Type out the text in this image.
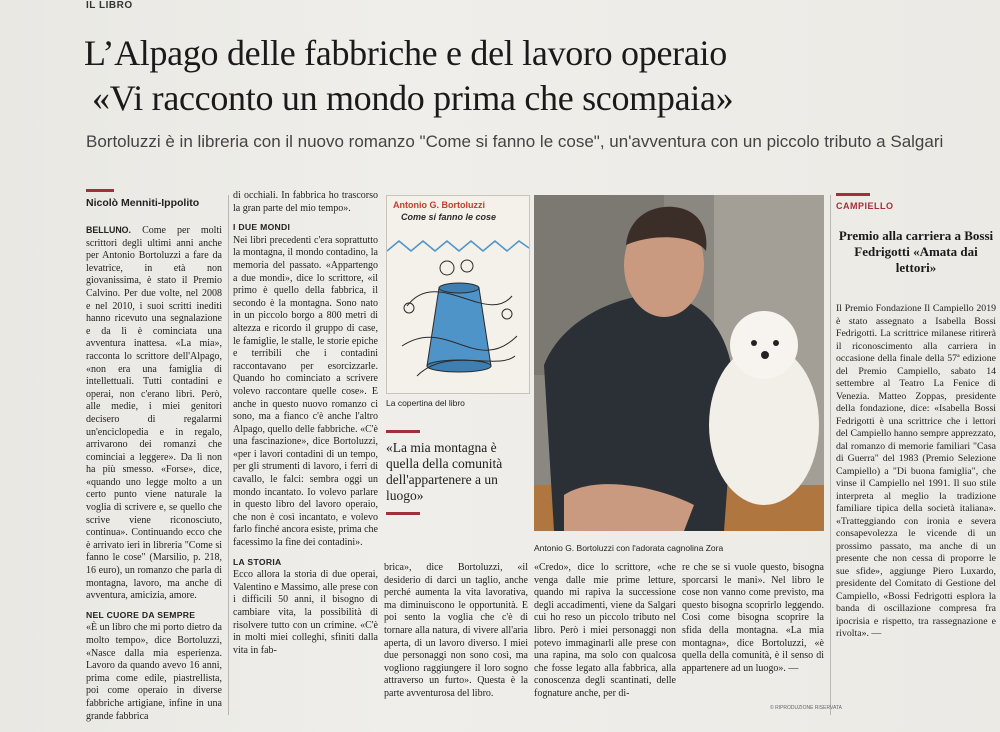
IL LIBRO
L’Alpago delle fabbriche e del lavoro operaio
«Vi racconto un mondo prima che scompaia»
Bortoluzzi è in libreria con il nuovo romanzo "Come si fanno le cose", un'avventura con un piccolo tributo a Salgari
Nicolò Menniti-Ippolito

BELLUNO. Come per molti scrittori degli ultimi anni anche per Antonio Bortoluzzi a fare da levatrice, in età non giovanissima, è stato il Premio Calvino. Per due volte, nel 2008 e nel 2010, i suoi scritti inediti hanno ricevuto una segnalazione e da lì è cominciata una avventura inattesa. «La mia», racconta lo scrittore dell'Alpago, «non era una famiglia di intellettuali. Tutti contadini e operai, non c'erano libri. Però, alle medie, i miei genitori decisero di regalarmi un'enciclopedia e in regalo, arrivarono dei romanzi che cominciai a leggere». Da lì non ha più smesso. «Forse», dice, «quando uno legge molto a un certo punto viene naturale la voglia di scrivere e, se quello che scrive viene riconosciuto, continua». Continuando ecco che è arrivato ieri in libreria "Come si fanno le cose" (Marsilio, p. 218, 16 euro), un romanzo che parla di montagna, lavoro, ma anche di avventura, amicizia, amore.

NEL CUORE DA SEMPRE

«È un libro che mi porto dietro da molto tempo», dice Bortoluzzi, «Nasce dalla mia esperienza. Lavoro da quando avevo 16 anni, prima come edile, piastrellista, poi come operaio in diverse fabbriche artigiane, infine in una grande fabbrica

di occhiali. In fabbrica ho trascorso la gran parte del mio tempo».

I DUE MONDI

Nei libri precedenti c'era soprattutto la montagna, il mondo contadino, la memoria del passato. «Appartengo a due mondi», dice lo scrittore, «il primo è quello della fabbrica, il secondo è la montagna. Sono nato in un piccolo borgo a 800 metri di altezza e ricordo il gruppo di case, le famiglie, le stalle, le storie epiche e terribili che i contadini raccontavano per esorcizzarle. Quando ho cominciato a scrivere volevo raccontare quelle cose». E anche in questo nuovo romanzo ci sono, ma a fianco c'è anche l'altro Alpago, quello delle fabbriche. «C'è una fascinazione», dice Bortoluzzi, «per i lavori contadini di un tempo, per gli strumenti di lavoro, i ferri di cavallo, le falci: sembra oggi un mondo incantato. Io volevo parlare in questo libro del lavoro operaio, che non è così incantato, e volevo farlo finché ancora esiste, prima che facessimo la fine dei contadini».

LA STORIA

Ecco allora la storia di due operai, Valentino e Massimo, alle prese con i difficili 50 anni, il bisogno di cambiare vita, la possibilità di risolvere tutto con un crimine. «C'è in molti miei colleghi, sfiniti dalla vita in fab-

Antonio G. Bortoluzzi
Come si fanno le cose
La copertina del libro
«La mia montagna è quella della comunità dell'appartenere a un luogo»
Antonio G. Bortoluzzi con l'adorata cagnolina Zora

brica», dice Bortoluzzi, «il desiderio di darci un taglio, anche perché aumenta la vita lavorativa, ma diminuiscono le opportunità. E poi sento la voglia che c'è di tornare alla natura, di vivere all'aria aperta, di un lavoro diverso. I miei due personaggi non sono così, ma vogliono raggiungere il loro sogno attraverso un furto». Questa è la parte avventurosa del libro.

«Credo», dice lo scrittore, «che venga dalle mie prime letture, quando mi rapiva la successione degli accadimenti, viene da Salgari cui ho reso un piccolo tributo nel libro. Però i miei personaggi non potevo immaginarli alle prese con una rapina, ma solo con qualcosa che fosse legato alla fabbrica, alla conoscenza degli scantinati, delle fognature anche, per di-

re che se si vuole questo, bisogna sporcarsi le mani». Nel libro le cose non vanno come previsto, ma questo bisogna scoprirlo leggendo. Così come bisogna scoprire la sfida della montagna. «La mia montagna», dice Bortoluzzi, «è quella della comunità, è il senso di appartenere ad un luogo». —

CAMPIELLO
Premio alla carriera a Bossi Fedrigotti «Amata dai lettori»

Il Premio Fondazione Il Campiello 2019 è stato assegnato a Isabella Bossi Fedrigotti. La scrittrice milanese ritirerà il riconoscimento alla carriera in occasione della finale della 57ª edizione del Premio Campiello, sabato 14 settembre al Teatro La Fenice di Venezia. Matteo Zoppas, presidente della fondazione, dice: «Isabella Bossi Fedrigotti è una scrittrice che i lettori del Campiello hanno sempre apprezzato, dal romanzo di memorie familiari "Casa di Guerra" del 1983 (Premio Selezione Campiello) a "Di buona famiglia", che vinse il Campiello nel 1991. Il suo stile interpreta al meglio la tradizione familiare tipica della società italiana». «Tratteggiando con ironia e severa consapevolezza le vicende di un prossimo passato, ma anche di un presente che non cessa di proporre le sue sfide», aggiunge Piero Luxardo, presidente del Comitato di Gestione del Campiello, «Bossi Fedrigotti esplora la banda di oscillazione compresa fra ipocrisia e rispetto, tra rassegnazione e rivolta». —

© RIPRODUZIONE RISERVATA
